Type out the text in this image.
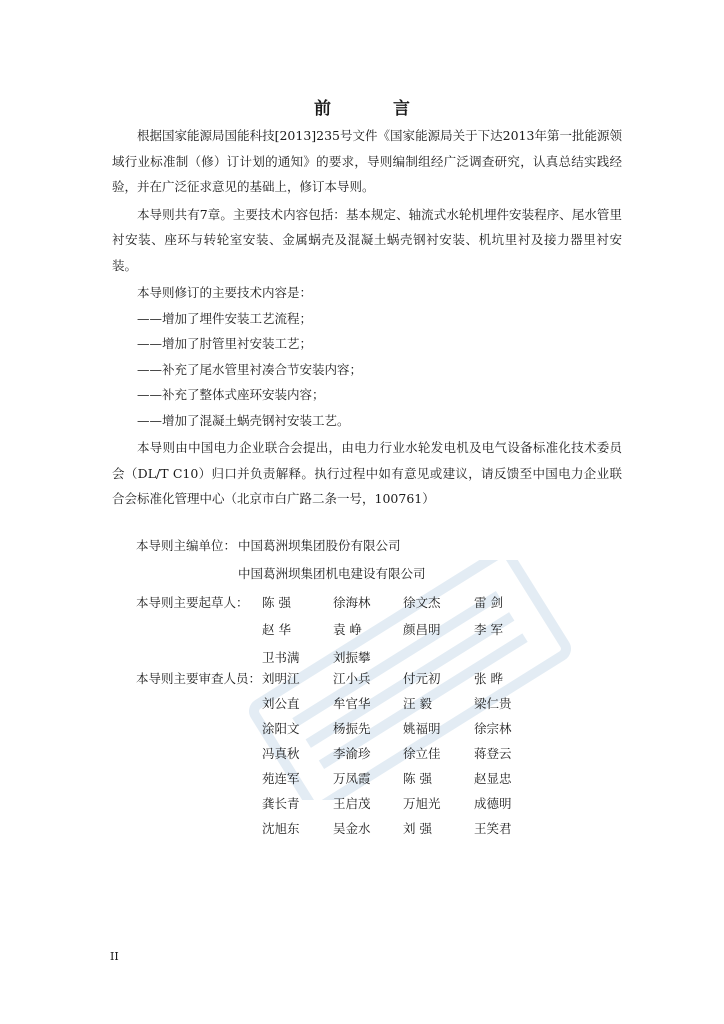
前 言

根据国家能源局国能科技[2013]235号文件《国家能源局关于下达2013年第一批能源领域行业标准制（修）订计划的通知》的要求，导则编制组经广泛调查研究，认真总结实践经验，并在广泛征求意见的基础上，修订本导则。

本导则共有7章。主要技术内容包括：基本规定、轴流式水轮机埋件安装程序、尾水管里衬安装、座环与转轮室安装、金属蜗壳及混凝土蜗壳钢衬安装、机坑里衬及接力器里衬安装。

本导则修订的主要技术内容是：

——增加了埋件安装工艺流程；

——增加了肘管里衬安装工艺；

——补充了尾水管里衬凑合节安装内容；

——补充了整体式座环安装内容；

——增加了混凝土蜗壳钢衬安装工艺。

本导则由中国电力企业联合会提出，由电力行业水轮发电机及电气设备标准化技术委员会（DL/T C10）归口并负责解释。执行过程中如有意见或建议，请反馈至中国电力企业联合会标准化管理中心（北京市白广路二条一号，100761）

本导则主编单位： 中国葛洲坝集团股份有限公司
中国葛洲坝集团机电建设有限公司
本导则主要起草人： 陈 强	徐海林	徐文杰	雷 剑
赵 华	袁 峥	颜昌明	李 军
卫书满	刘振攀
本导则主要审查人员： 刘明江	江小兵	付元初	张 晔
刘公直	牟官华	汪 毅	梁仁贵
涂阳文	杨振先	姚福明	徐宗林
冯真秋	李渝珍	徐立佳	蒋登云
苑连军	万凤霞	陈 强	赵显忠
龚长青	王启茂	万旭光	成德明
沈旭东	吴金水	刘 强	王笑君
II
